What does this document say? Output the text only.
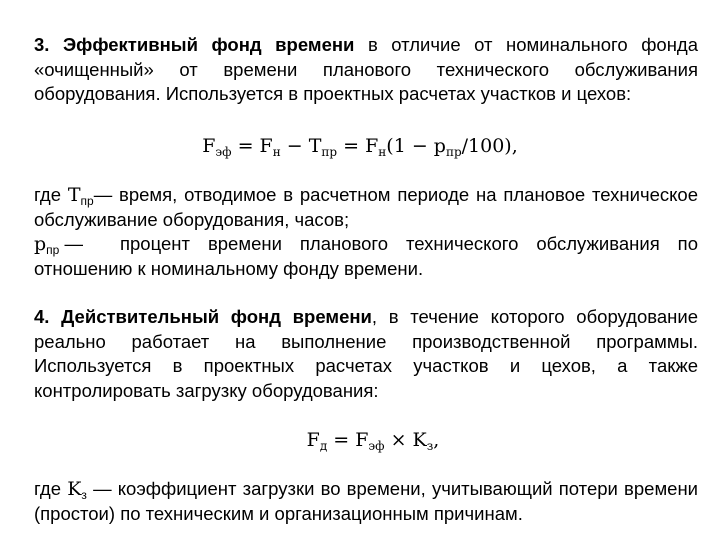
3. Эффективный фонд времени в отличие от номинального фонда «очищенный» от времени планового технического обслуживания оборудования. Используется в проектных расчетах участков и цехов:
$F_{эф} = F_н - T_{пр} = F_н(1 - p_{пр}/100)$,
где $T_{пр}—$ время, отводимое в расчетном периоде на плановое техническое обслуживание оборудования, часов;
$p_{пр}$ —	процент времени планового технического обслуживания по
отношению к номинальному фонду времени.
4. Действительный фонд времени, в течение которого оборудование реально работает на выполнение производственной программы. Используется в проектных расчетах участков и цехов, а также контролировать загрузку оборудования:
$F_д = F_{эф} \times K_з$,
где $K_з$ — коэффициент загрузки во времени, учитывающий потери времени (простои) по техническим и организационным причинам.
